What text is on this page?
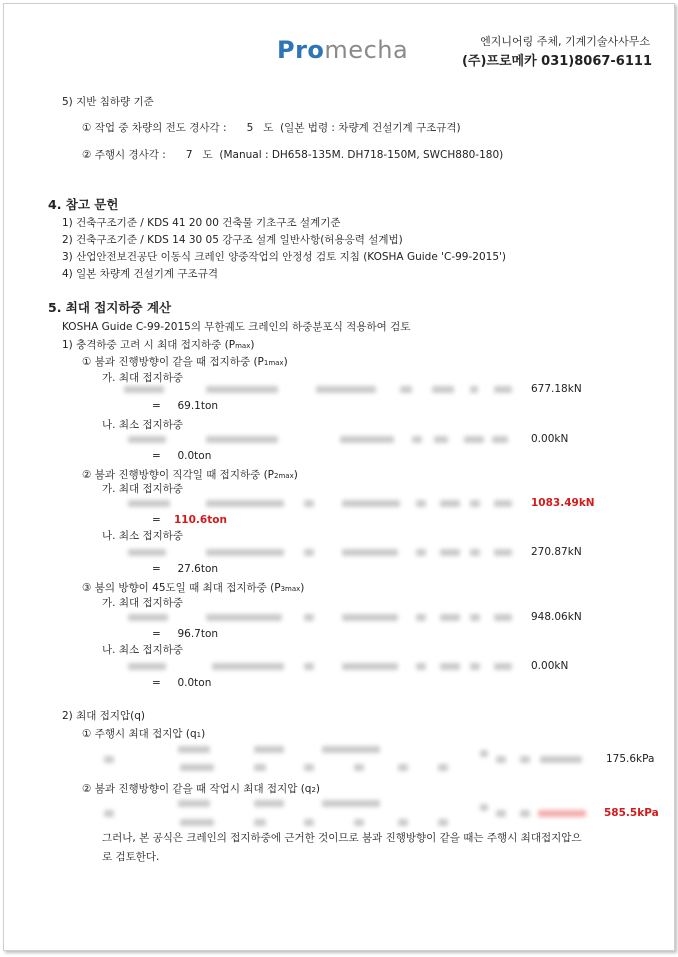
Promecha	엔지니어링 주체, 기계기술사사무소
(주)프로메카 031)8067-6111
5) 지반 침하량 기준
① 작업 중 차량의 전도 경사각 :      5   도  (일본 법령 : 차량계 건설기계 구조규격)
② 주행시 경사각 :      7   도  (Manual : DH658-135M. DH718-150M, SWCH880-180)
4. 참고 문헌
1) 건축구조기준 / KDS 41 20 00 건축물 기초구조 설계기준
2) 건축구조기준 / KDS 14 30 05 강구조 설계 일반사항(허용응력 설계법)
3) 산업안전보건공단 이동식 크레인 양중작업의 안정성 검토 지침 (KOSHA Guide 'C-99-2015')
4) 일본 차량계 건설기계 구조규격
5. 최대 접지하중 계산
KOSHA Guide C-99-2015의 무한궤도 크레인의 하중분포식 적용하여 검토
1) 충격하중 고려 시 최대 접지하중 (Pmax)
① 붐과 진행방향이 같을 때 접지하중 (P1max)
가. 최대 접지하중
677.18kN
=     69.1ton
나. 최소 접지하중
0.00kN
=     0.0ton
② 붐과 진행방향이 직각일 때 접지하중 (P2max)
가. 최대 접지하중
1083.49kN
= 110.6ton
나. 최소 접지하중
270.87kN
=     27.6ton
③ 붐의 방향이 45도일 때 최대 접지하중 (P3max)
가. 최대 접지하중
948.06kN
=     96.7ton
나. 최소 접지하중
0.00kN
=     0.0ton
2) 최대 접지압(q)
① 주행시 최대 접지압 (q1)
175.6kPa
② 붐과 진행방향이 같을 때 작업시 최대 접지압 (q2)
585.5kPa
그러나, 본 공식은 크레인의 접지하중에 근거한 것이므로 붐과 진행방향이 같을 때는 주행시 최대접지압으
로 검토한다.
